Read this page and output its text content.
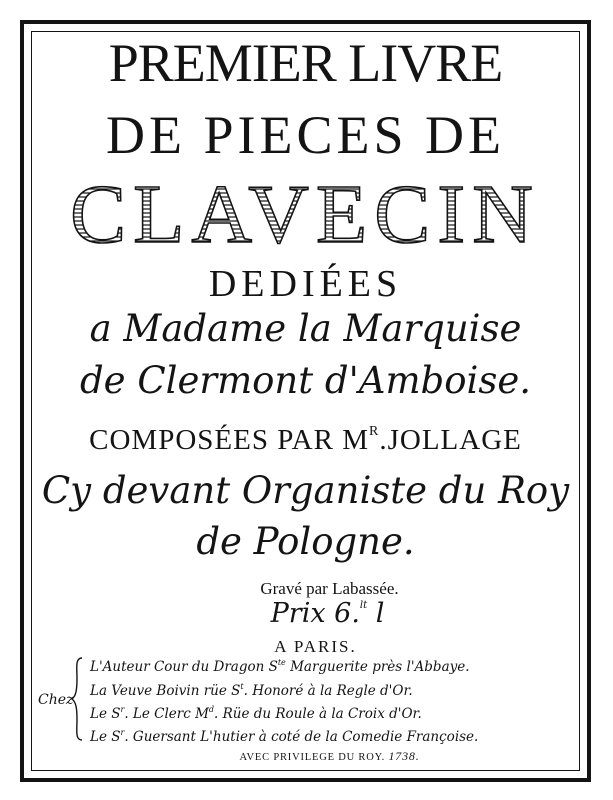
PREMIER LIVRE
DE PIECES DE
CLAVECIN
DEDIÉES
a Madame la Marquise
de Clermont d'Amboise.
COMPOSÉES PAR $M^R.JOLLAGE$
Cy devant Organiste du Roy
de Pologne.
Gravé par Labassée.
Prix 6.$^{lt}$ l
A PARIS.
Chez
L'Auteur Cour du Dragon $S^{te}$ Marguerite près l'Abbaye.
La Veuve Boivin rüe $S^t$. Honoré à la Regle d'Or.
Le $S^r$. Le Clerc $M^d$. Rüe du Roule à la Croix d'Or.
Le $S^r$. Guersant L'hutier à coté de la Comedie Françoise.
AVEC PRIVILEGE DU ROY. 1738.
